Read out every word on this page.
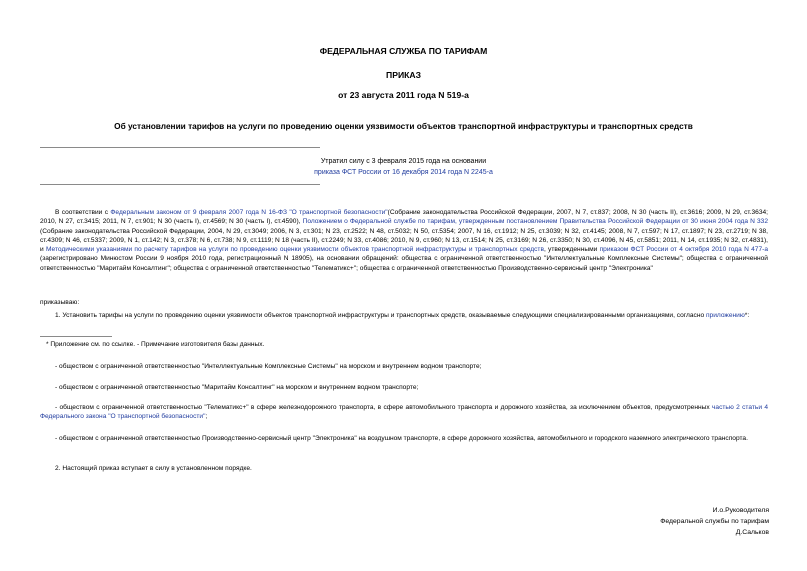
ФЕДЕРАЛЬНАЯ СЛУЖБА ПО ТАРИФАМ
ПРИКАЗ
от 23 августа 2011 года N 519-а
Об установлении тарифов на услуги по проведению оценки уязвимости объектов транспортной инфраструктуры и транспортных средств
Утратил силу с 3 февраля 2015 года на основании
приказа ФСТ России от 16 декабря 2014 года N 2245-а
В соответствии с Федеральным законом от 9 февраля 2007 года N 16-ФЗ "О транспортной безопасности"(Собрание законодательства Российской Федерации, 2007, N 7, ст.837; 2008, N 30 (часть II), ст.3616; 2009, N 29, ст.3634; 2010, N 27, ст.3415; 2011, N 7, ст.901; N 30 (часть I), ст.4569; N 30 (часть I), ст.4590), Положением о Федеральной службе по тарифам, утвержденным постановлением Правительства Российской Федерации от 30 июня 2004 года N 332 (Собрание законодательства Российской Федерации, 2004, N 29, ст.3049; 2006, N 3, ст.301; N 23, ст.2522; N 48, ст.5032; N 50, ст.5354; 2007, N 16, ст.1912; N 25, ст.3039; N 32, ст.4145; 2008, N 7, ст.597; N 17, ст.1897; N 23, ст.2719; N 38, ст.4309; N 46, ст.5337; 2009, N 1, ст.142; N 3, ст.378; N 6, ст.738; N 9, ст.1119; N 18 (часть II), ст.2249; N 33, ст.4086; 2010, N 9, ст.960; N 13, ст.1514; N 25, ст.3169; N 26, ст.3350; N 30, ст.4096, N 45, ст.5851; 2011, N 14, ст.1935; N 32, ст.4831), и Методическими указаниями по расчету тарифов на услуги по проведению оценки уязвимости объектов транспортной инфраструктуры и транспортных средств, утвержденными приказом ФСТ России от 4 октября 2010 года N 477-а (зарегистрировано Минюстом России 9 ноября 2010 года, регистрационный N 18905), на основании обращений: общества с ограниченной ответственностью "Интеллектуальные Комплексные Системы"; общества с ограниченной ответственностью "Маритайм Консалтинг"; общества с ограниченной ответственностью "Телематикс+"; общества с ограниченной ответственностью Производственно-сервисный центр "Электроника"
приказываю:
1. Установить тарифы на услуги по проведению оценки уязвимости объектов транспортной инфраструктуры и транспортных средств, оказываемые следующими специализированными организациями, согласно приложению*:
* Приложение см. по ссылке. - Примечание изготовителя базы данных.
- обществом с ограниченной ответственностью "Интеллектуальные Комплексные Системы" на морском и внутреннем водном транспорте;
- обществом с ограниченной ответственностью "Маритайм Консалтинг" на морском и внутреннем водном транспорте;
- обществом с ограниченной ответственностью "Телематикс+" в сфере железнодорожного транспорта, в сфере автомобильного транспорта и дорожного хозяйства, за исключением объектов, предусмотренных частью 2 статьи 4 Федерального закона "О транспортной безопасности";
- обществом с ограниченной ответственностью Производственно-сервисный центр "Электроника" на воздушном транспорте, в сфере дорожного хозяйства, автомобильного и городского наземного электрического транспорта.
2. Настоящий приказ вступает в силу в установленном порядке.
И.о.Руководителя
Федеральной службы по тарифам
Д.Сальков
